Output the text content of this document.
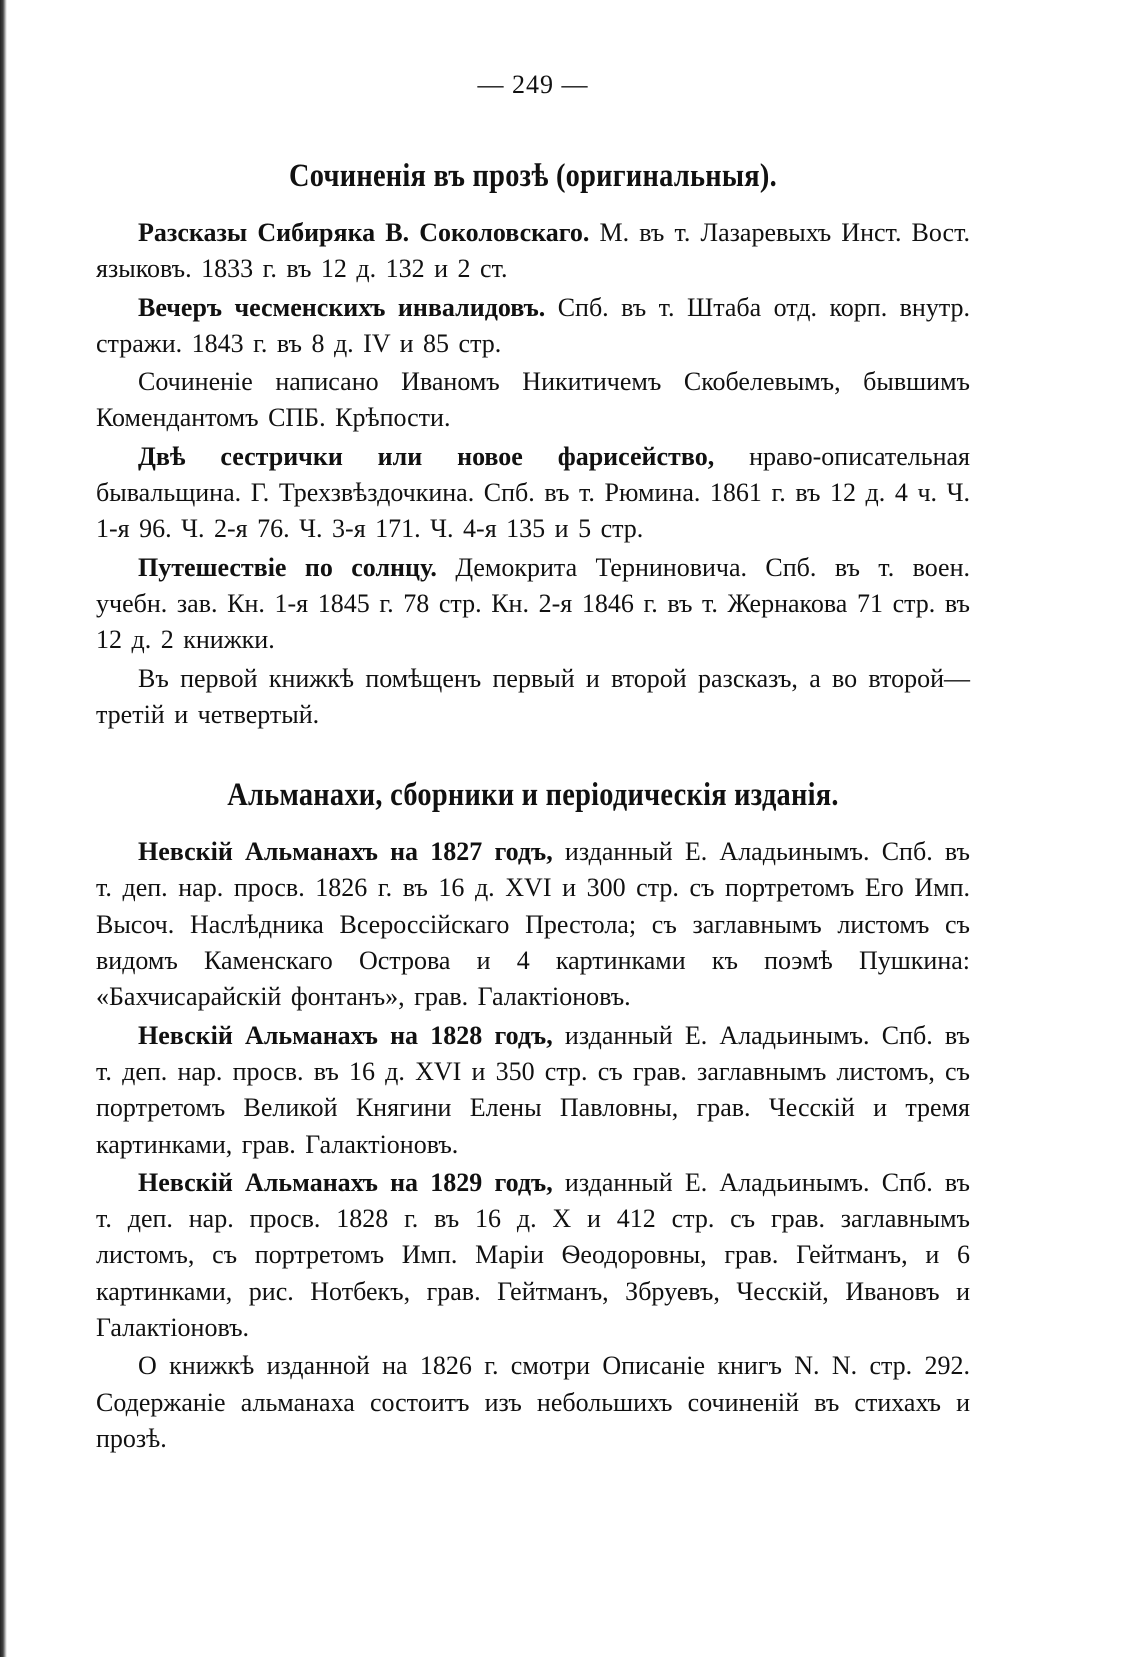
— 249 —
Сочиненія въ прозѣ (оригинальныя).

Разсказы Сибиряка В. Соколовскаго. М. въ т. Лазаревыхъ Инст. Вост. языковъ. 1833 г. въ 12 д. 132 и 2 ст.

Вечеръ чесменскихъ инвалидовъ. Спб. въ т. Штаба отд. корп. внутр. стражи. 1843 г. въ 8 д. IV и 85 стр.

Сочиненіе написано Иваномъ Никитичемъ Скобелевымъ, бывшимъ Комендантомъ СПБ. Крѣпости.

Двѣ сестрички или новое фарисейство, нраво-описательная бывальщина. Г. Трехзвѣздочкина. Спб. въ т. Рюмина. 1861 г. въ 12 д. 4 ч. Ч. 1-я 96. Ч. 2-я 76. Ч. 3-я 171. Ч. 4-я 135 и 5 стр.

Путешествіе по солнцу. Демокрита Терниновича. Спб. въ т. воен. учебн. зав. Кн. 1-я 1845 г. 78 стр. Кн. 2-я 1846 г. въ т. Жернакова 71 стр. въ 12 д. 2 книжки.

Въ первой книжкѣ помѣщенъ первый и второй разсказъ, а во второй—третій и четвертый.

Альманахи, сборники и періодическія изданія.

Невскій Альманахъ на 1827 годъ, изданный Е. Аладьинымъ. Спб. въ т. деп. нар. просв. 1826 г. въ 16 д. XVI и 300 стр. съ портретомъ Его Имп. Высоч. Наслѣдника Всероссійскаго Престола; съ заглавнымъ листомъ съ видомъ Каменскаго Острова и 4 картинками къ поэмѣ Пушкина: «Бахчисарайскій фонтанъ», грав. Галактіоновъ.

Невскій Альманахъ на 1828 годъ, изданный Е. Аладьинымъ. Спб. въ т. деп. нар. просв. въ 16 д. XVI и 350 стр. съ грав. заглавнымъ листомъ, съ портретомъ Великой Княгини Елены Павловны, грав. Чесскій и тремя картинками, грав. Галактіоновъ.

Невскій Альманахъ на 1829 годъ, изданный Е. Аладьинымъ. Спб. въ т. деп. нар. просв. 1828 г. въ 16 д. X и 412 стр. съ грав. заглавнымъ листомъ, съ портретомъ Имп. Маріи Ѳеодоровны, грав. Гейтманъ, и 6 картинками, рис. Нотбекъ, грав. Гейтманъ, Збруевъ, Чесскій, Ивановъ и Галактіоновъ.

О книжкѣ изданной на 1826 г. смотри Описаніе книгъ N. N. стр. 292. Содержаніе альманаха состоитъ изъ небольшихъ сочиненій въ стихахъ и прозѣ.
